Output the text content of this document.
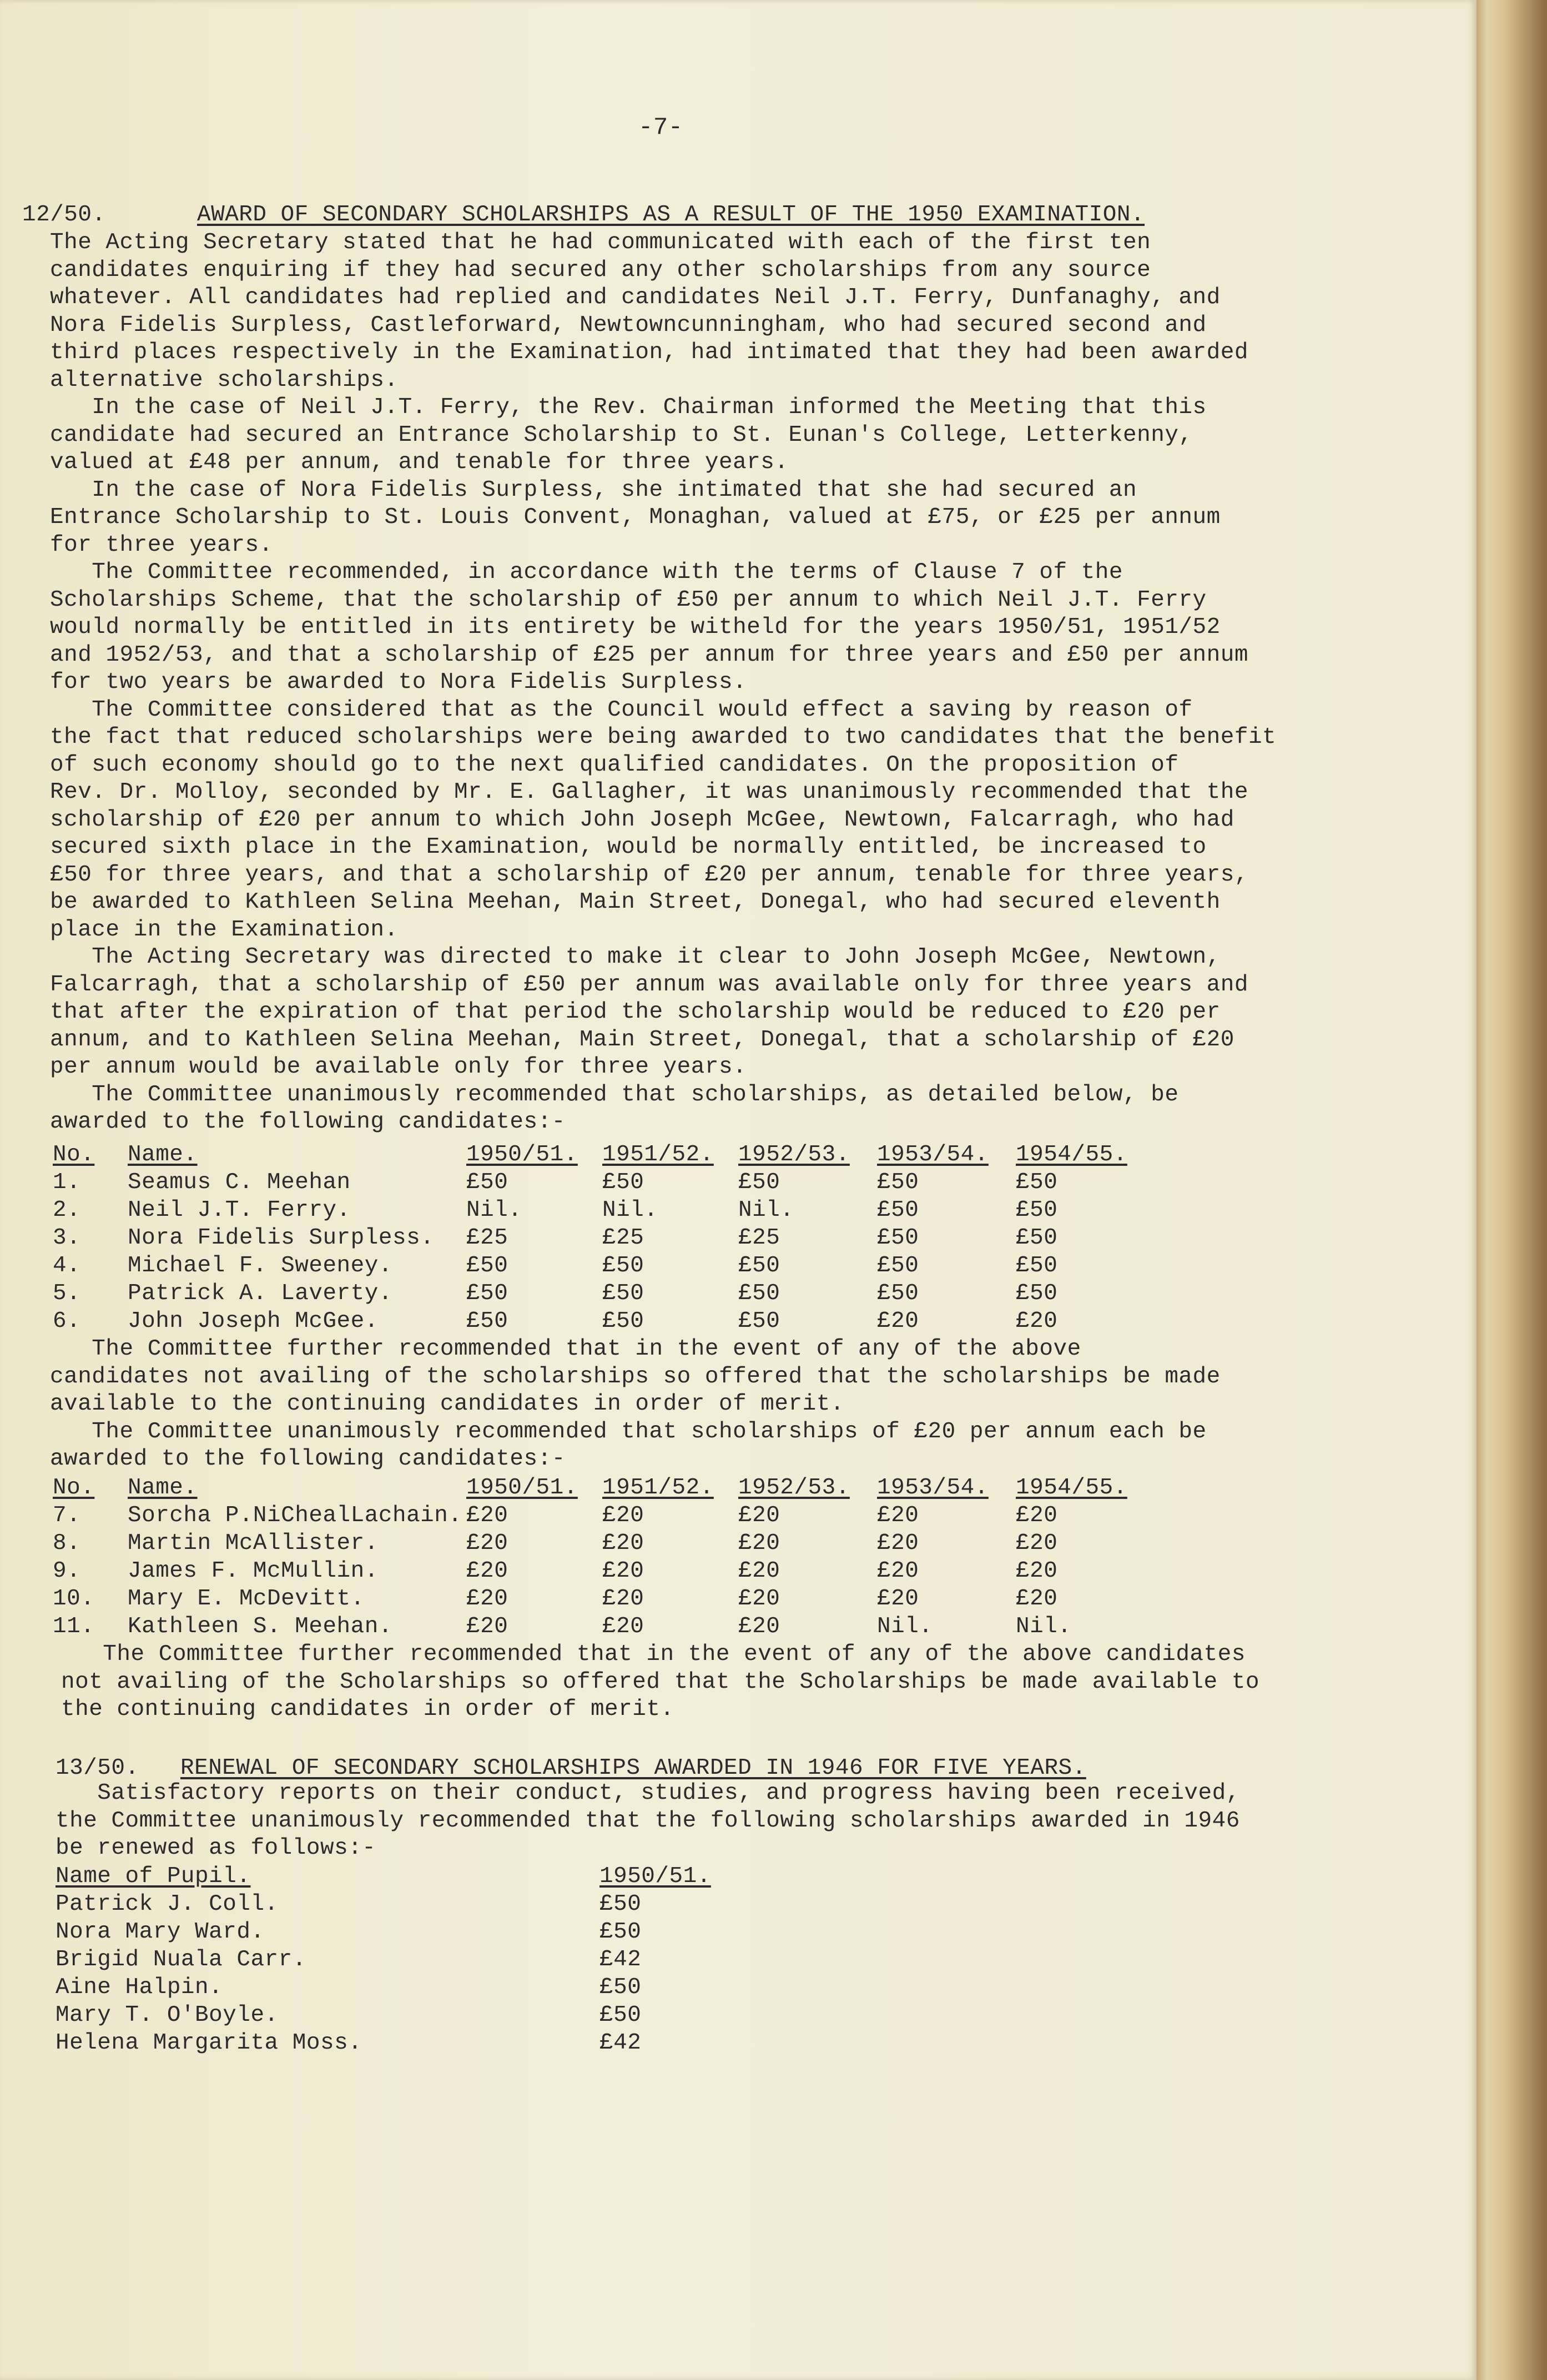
-7-
12/50.	AWARD OF SECONDARY SCHOLARSHIPS AS A RESULT OF THE 1950 EXAMINATION.
The Acting Secretary stated that he had communicated with each of the first ten
candidates enquiring if they had secured any other scholarships from any source
whatever. All candidates had replied and candidates Neil J.T. Ferry, Dunfanaghy, and
Nora Fidelis Surpless, Castleforward, Newtowncunningham, who had secured second and
third places respectively in the Examination, had intimated that they had been awarded
alternative scholarships.
In the case of Neil J.T. Ferry, the Rev. Chairman informed the Meeting that this
candidate had secured an Entrance Scholarship to St. Eunan's College, Letterkenny,
valued at £48 per annum, and tenable for three years.
In the case of Nora Fidelis Surpless, she intimated that she had secured an
Entrance Scholarship to St. Louis Convent, Monaghan, valued at £75, or £25 per annum
for three years.
The Committee recommended, in accordance with the terms of Clause 7 of the
Scholarships Scheme, that the scholarship of £50 per annum to which Neil J.T. Ferry
would normally be entitled in its entirety be witheld for the years 1950/51, 1951/52
and 1952/53, and that a scholarship of £25 per annum for three years and £50 per annum
for two years be awarded to Nora Fidelis Surpless.
The Committee considered that as the Council would effect a saving by reason of
the fact that reduced scholarships were being awarded to two candidates that the benefit
of such economy should go to the next qualified candidates. On the proposition of
Rev. Dr. Molloy, seconded by Mr. E. Gallagher, it was unanimously recommended that the
scholarship of £20 per annum to which John Joseph McGee, Newtown, Falcarragh, who had
secured sixth place in the Examination, would be normally entitled, be increased to
£50 for three years, and that a scholarship of £20 per annum, tenable for three years,
be awarded to Kathleen Selina Meehan, Main Street, Donegal, who had secured eleventh
place in the Examination.
The Acting Secretary was directed to make it clear to John Joseph McGee, Newtown,
Falcarragh, that a scholarship of £50 per annum was available only for three years and
that after the expiration of that period the scholarship would be reduced to £20 per
annum, and to Kathleen Selina Meehan, Main Street, Donegal, that a scholarship of £20
per annum would be available only for three years.
The Committee unanimously recommended that scholarships, as detailed below, be
awarded to the following candidates:-
No. Name.	1950/51. 1951/52. 1952/53. 1953/54. 1954/55.
1. Seamus C. Meehan	£50	£50	£50	£50	£50
2. Neil J.T. Ferry.	Nil.	Nil.	Nil.	£50	£50
3. Nora Fidelis Surpless. £25	£25	£25	£50	£50
4. Michael F. Sweeney.	£50	£50	£50	£50	£50
5. Patrick A. Laverty.	£50	£50	£50	£50	£50
6. John Joseph McGee.	£50	£50	£50	£20	£20
The Committee further recommended that in the event of any of the above
candidates not availing of the scholarships so offered that the scholarships be made
available to the continuing candidates in order of merit.
The Committee unanimously recommended that scholarships of £20 per annum each be
awarded to the following candidates:-
No. Name.	1950/51. 1951/52. 1952/53. 1953/54. 1954/55.
7. Sorcha P.NiChealLachain. £20	£20	£20	£20	£20
8. Martin McAllister.	£20	£20	£20	£20	£20
9. James F. McMullin.	£20	£20	£20	£20	£20
10. Mary E. McDevitt.	£20	£20	£20	£20	£20
11. Kathleen S. Meehan.	£20	£20	£20	Nil.	Nil.
The Committee further recommended that in the event of any of the above candidates
not availing of the Scholarships so offered that the Scholarships be made available to
the continuing candidates in order of merit.
13/50. RENEWAL OF SECONDARY SCHOLARSHIPS AWARDED IN 1946 FOR FIVE YEARS.
Satisfactory reports on their conduct, studies, and progress having been received,
the Committee unanimously recommended that the following scholarships awarded in 1946
be renewed as follows:-
Name of Pupil.	1950/51.
Patrick J. Coll.	£50
Nora Mary Ward.	£50
Brigid Nuala Carr.	£42
Aine Halpin.	£50
Mary T. O'Boyle.	£50
Helena Margarita Moss.	£42
